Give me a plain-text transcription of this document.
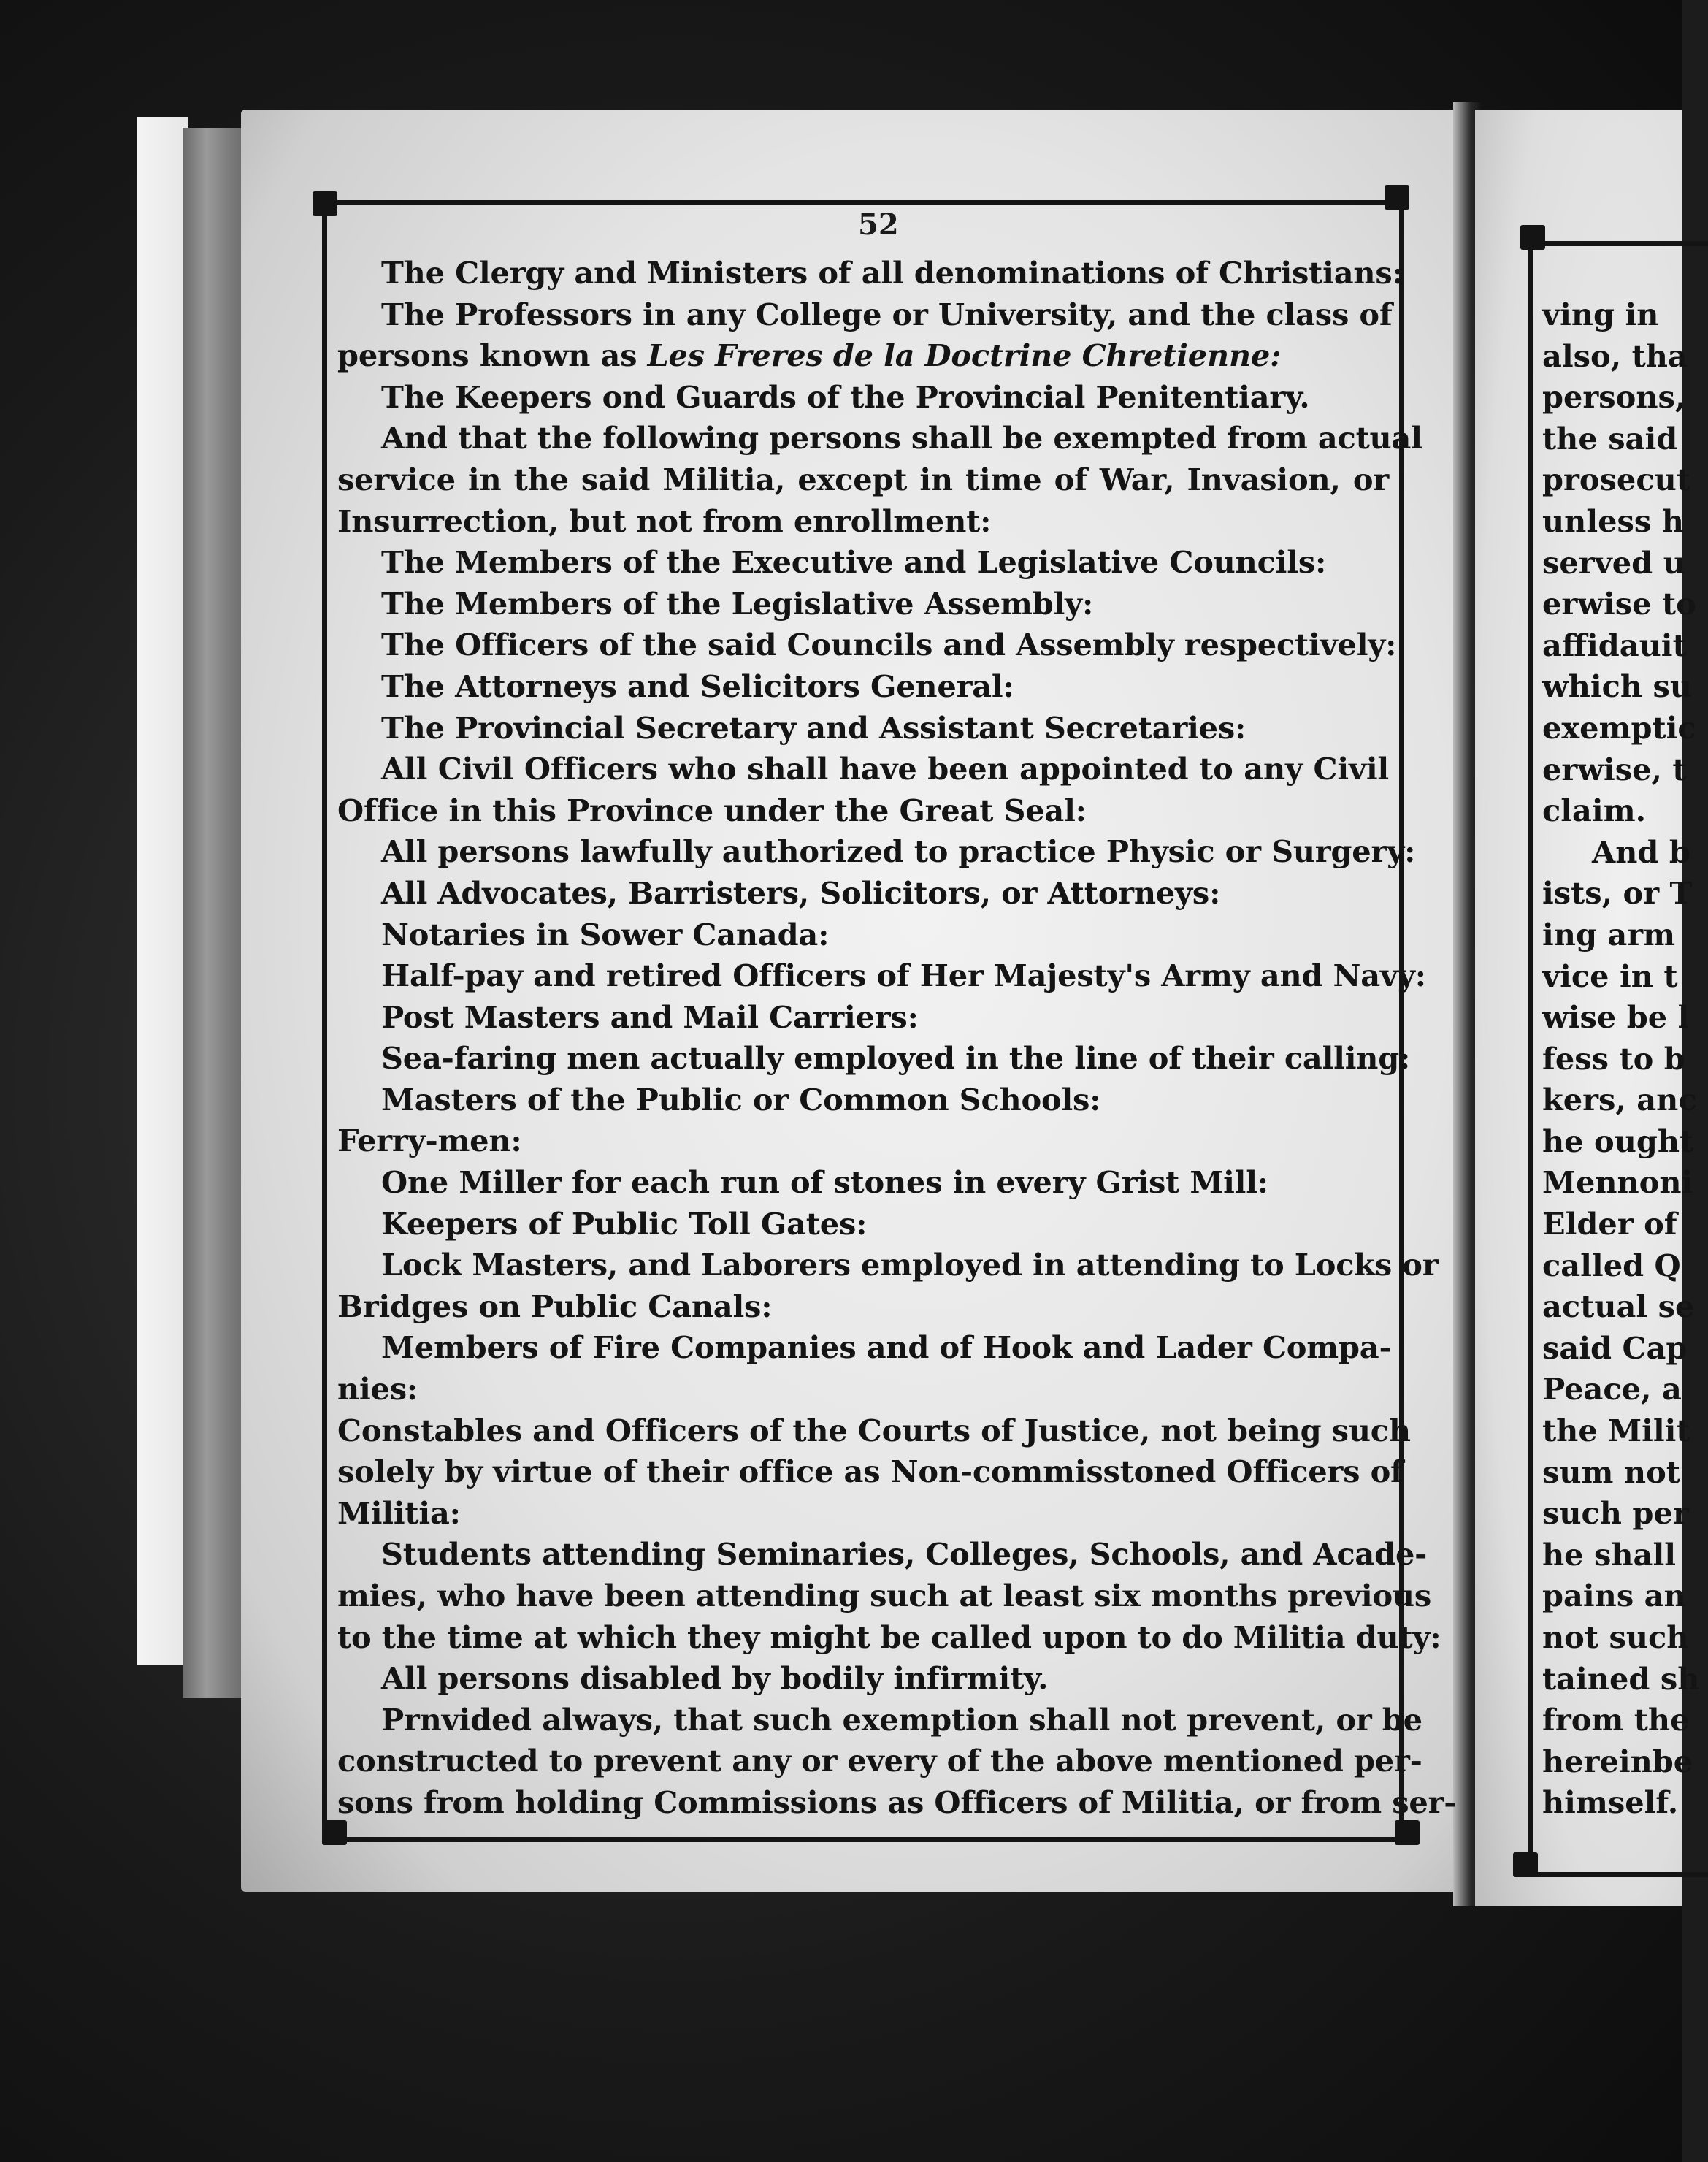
52
The Clergy and Ministers of all denominations of Christians:
The Professors in any College or University, and the class of
persons known as Les Freres de la Doctrine Chretienne:
The Keepers ond Guards of the Provincial Penitentiary.
And that the following persons shall be exempted from actual
service in the said Militia, except in time of War, Invasion, or
Insurrection, but not from enrollment:
The Members of the Executive and Legislative Councils:
The Members of the Legislative Assembly:
The Officers of the said Councils and Assembly respectively:
The Attorneys and Selicitors General:
The Provincial Secretary and Assistant Secretaries:
All Civil Officers who shall have been appointed to any Civil
Office in this Province under the Great Seal:
All persons lawfully authorized to practice Physic or Surgery:
All Advocates, Barristers, Solicitors, or Attorneys:
Notaries in Sower Canada:
Half-pay and retired Officers of Her Majesty's Army and Navy:
Post Masters and Mail Carriers:
Sea-faring men actually employed in the line of their calling:
Masters of the Public or Common Schools:
Ferry-men:
One Miller for each run of stones in every Grist Mill:
Keepers of Public Toll Gates:
Lock Masters, and Laborers employed in attending to Locks or
Bridges on Public Canals:
Members of Fire Companies and of Hook and Lader Compa-
nies:
Constables and Officers of the Courts of Justice, not being such
solely by virtue of their office as Non-commisstoned Officers of
Militia:
Students attending Seminaries, Colleges, Schools, and Acade-
mies, who have been attending such at least six months previous
to the time at which they might be called upon to do Militia duty:
All persons disabled by bodily infirmity.
Prnvided always, that such exemption shall not prevent, or be
constructed to prevent any or every of the above mentioned per-
sons from holding Commissions as Officers of Militia, or from ser-
ving in
also, tha
persons,
the said
prosecut
unless h
served u
erwise to
affidauit
which su
exemptic
erwise, t
claim.
And b
ists, or T
ing arm
vice in t
wise be l
fess to b
kers, anc
he ought
Mennoni
Elder of
called Q
actual se
said Cap
Peace, a
the Milit
sum not
such per
he shall
pains an
not such
tained sh
from the
hereinbe
himself.
